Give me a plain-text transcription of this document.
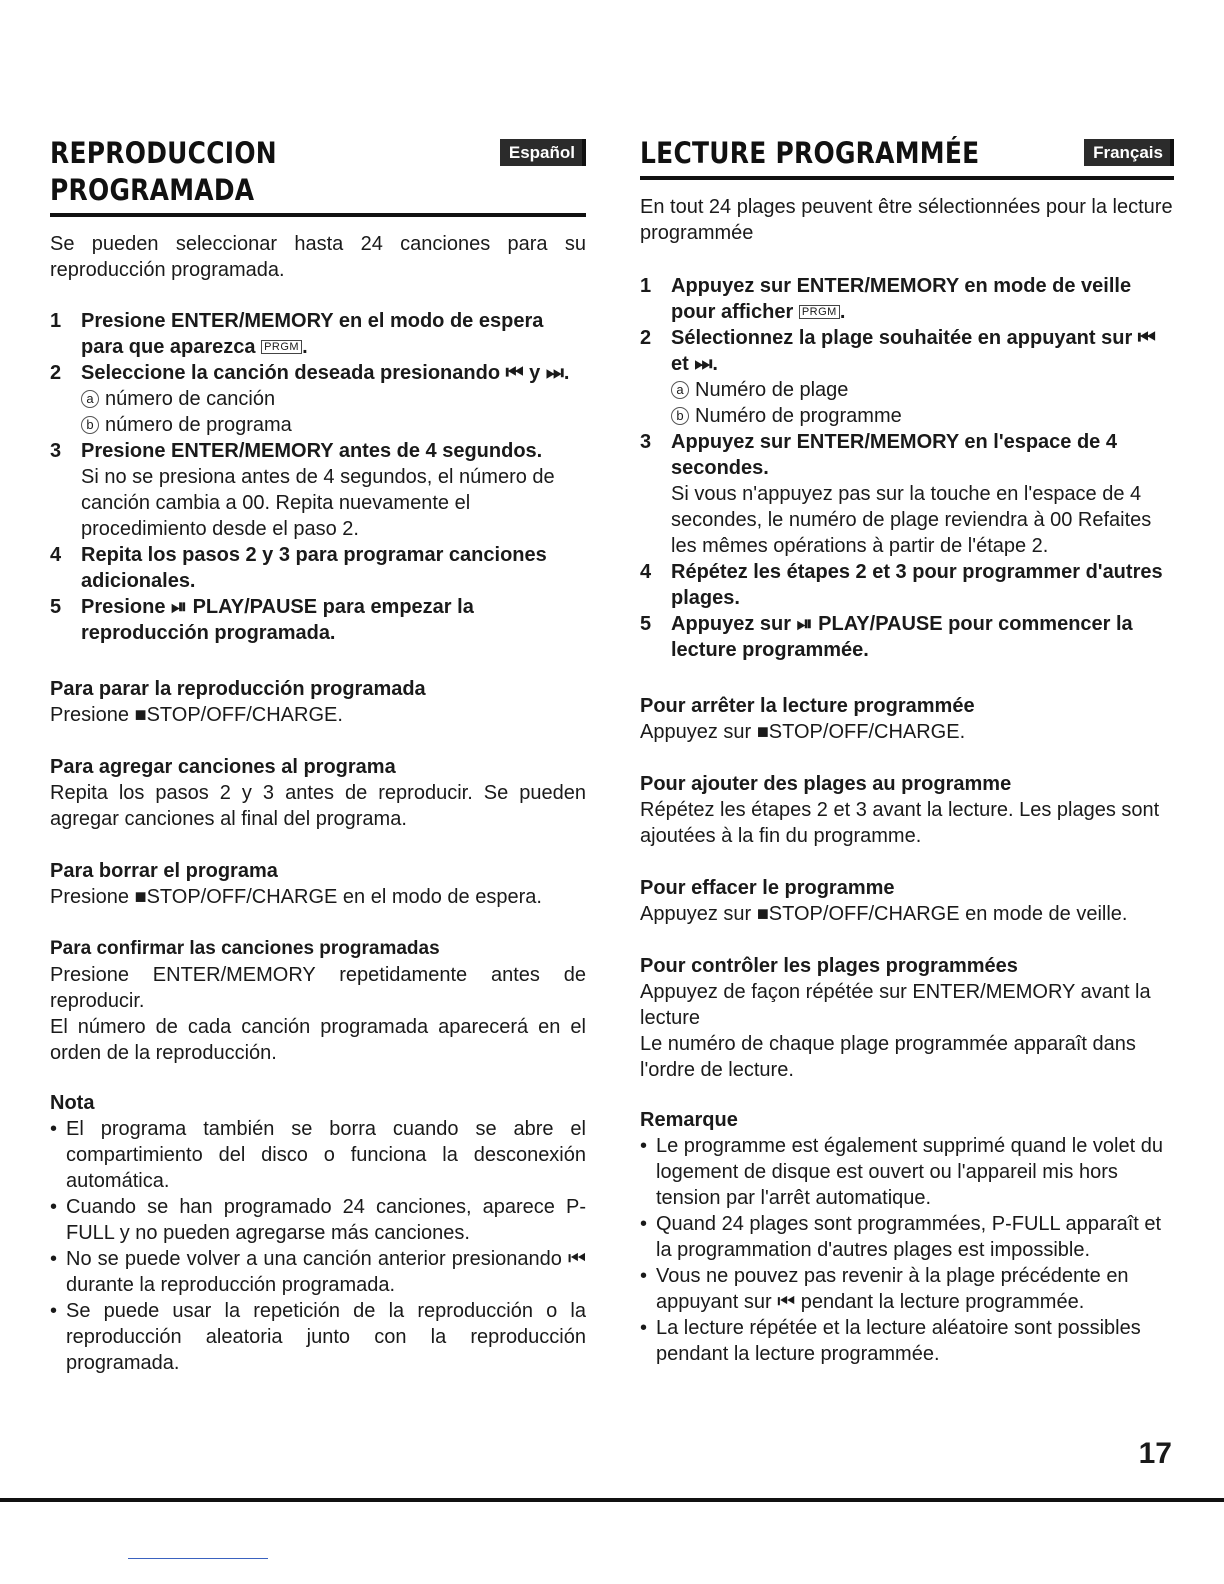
REPRODUCCION
PROGRAMADA
Español

Se pueden seleccionar hasta 24 canciones para su reproducción programada.

1 Presione ENTER/MEMORY en el modo de espera para que aparezca PRGM .
2 Seleccione la canción deseada presionando ⏮ y ⏭.
a número de canción
b número de programa
3 Presione ENTER/MEMORY antes de 4 segundos.
Si no se presiona antes de 4 segundos, el número de canción cambia a 00. Repita nuevamente el procedimiento desde el paso 2.
4 Repita los pasos 2 y 3 para programar canciones adicionales.
5 Presione ⏯ PLAY/PAUSE para empezar la reproducción programada.

Para parar la reproducción programada

Presione ■STOP/OFF/CHARGE.

Para agregar canciones al programa

Repita los pasos 2 y 3 antes de reproducir. Se pueden agregar canciones al final del programa.

Para borrar el programa

Presione ■STOP/OFF/CHARGE en el modo de espera.

Para confirmar las canciones programadas

Presione ENTER/MEMORY repetidamente antes de reproducir.

El número de cada canción programada aparecerá en el orden de la reproducción.

Nota

• El programa también se borra cuando se abre el compartimiento del disco o funciona la desconexión automática.
• Cuando se han programado 24 canciones, aparece P-FULL y no pueden agregarse más canciones.
• No se puede volver a una canción anterior presionando ⏮ durante la reproducción programada.
• Se puede usar la repetición de la reproducción o la reproducción aleatoria junto con la reproducción programada.
LECTURE PROGRAMMÉE	Français

En tout 24 plages peuvent être sélectionnées pour la lecture programmée

1 Appuyez sur ENTER/MEMORY en mode de veille pour afficher PRGM .
2 Sélectionnez la plage souhaitée en appuyant sur ⏮ et ⏭.
a Numéro de plage
b Numéro de programme
3 Appuyez sur ENTER/MEMORY en l'espace de 4 secondes.
Si vous n'appuyez pas sur la touche en l'espace de 4 secondes, le numéro de plage reviendra à 00 Refaites les mêmes opérations à partir de l'étape 2.
4 Répétez les étapes 2 et 3 pour programmer d'autres plages.
5 Appuyez sur ⏯ PLAY/PAUSE pour commencer la lecture programmée.

Pour arrêter la lecture programmée

Appuyez sur ■STOP/OFF/CHARGE.

Pour ajouter des plages au programme

Répétez les étapes 2 et 3 avant la lecture. Les plages sont ajoutées à la fin du programme.

Pour effacer le programme

Appuyez sur ■STOP/OFF/CHARGE en mode de veille.

Pour contrôler les plages programmées

Appuyez de façon répétée sur ENTER/MEMORY avant la lecture

Le numéro de chaque plage programmée apparaît dans l'ordre de lecture.

Remarque

• Le programme est également supprimé quand le volet du logement de disque est ouvert ou l'appareil mis hors tension par l'arrêt automatique.
• Quand 24 plages sont programmées, P-FULL apparaît et la programmation d'autres plages est impossible.
• Vous ne pouvez pas revenir à la plage précédente en appuyant sur ⏮ pendant la lecture programmée.
• La lecture répétée et la lecture aléatoire sont possibles pendant la lecture programmée.
17
